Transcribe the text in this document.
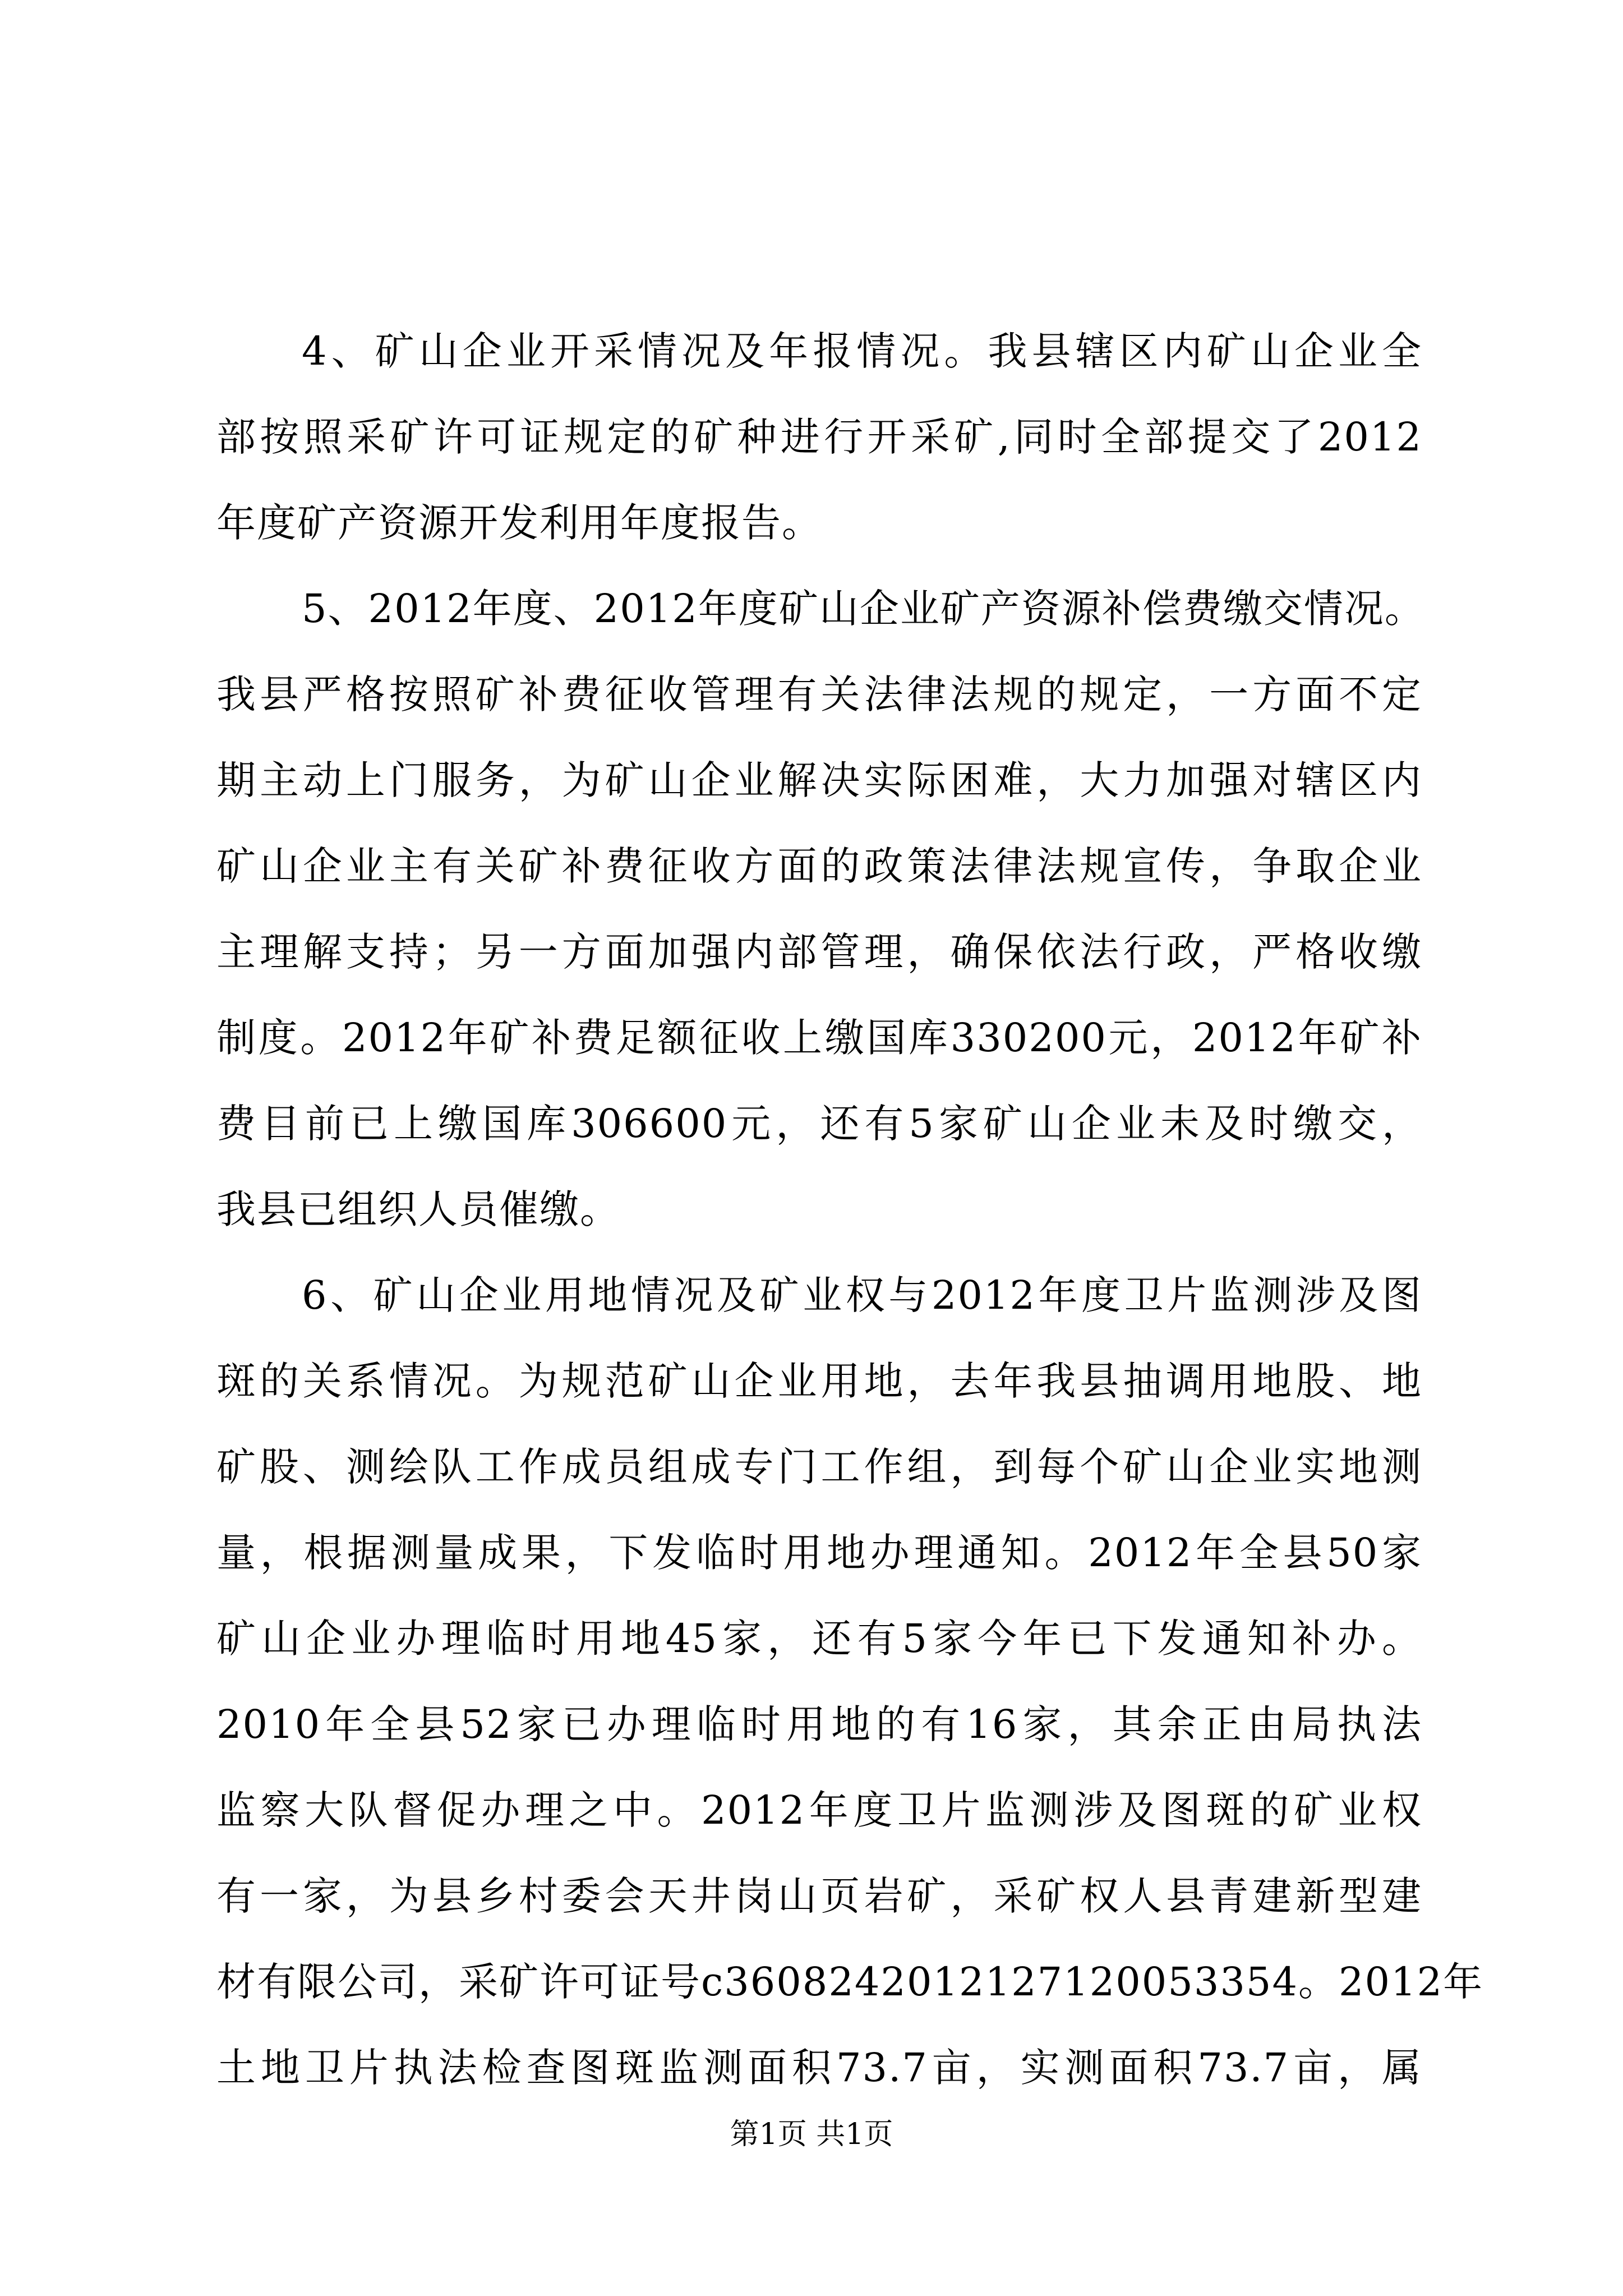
4、矿山企业开采情况及年报情况。我县辖区内矿山企业全
部按照采矿许可证规定的矿种进行开采矿,同时全部提交了2012
年度矿产资源开发利用年度报告。
5、2012年度、2012年度矿山企业矿产资源补偿费缴交情况。
我县严格按照矿补费征收管理有关法律法规的规定，一方面不定
期主动上门服务，为矿山企业解决实际困难，大力加强对辖区内
矿山企业主有关矿补费征收方面的政策法律法规宣传，争取企业
主理解支持；另一方面加强内部管理，确保依法行政，严格收缴
制度。2012年矿补费足额征收上缴国库330200元，2012年矿补
费目前已上缴国库306600元，还有5家矿山企业未及时缴交，
我县已组织人员催缴。
6、矿山企业用地情况及矿业权与2012年度卫片监测涉及图
斑的关系情况。为规范矿山企业用地，去年我县抽调用地股、地
矿股、测绘队工作成员组成专门工作组，到每个矿山企业实地测
量，根据测量成果，下发临时用地办理通知。2012年全县50家
矿山企业办理临时用地45家，还有5家今年已下发通知补办。
2010年全县52家已办理临时用地的有16家，其余正由局执法
监察大队督促办理之中。2012年度卫片监测涉及图斑的矿业权
有一家，为县乡村委会天井岗山页岩矿，采矿权人县青建新型建
材有限公司，采矿许可证号c3608242012127120053354。2012年
土地卫片执法检查图斑监测面积73.7亩，实测面积73.7亩，属
第1页 共1页
